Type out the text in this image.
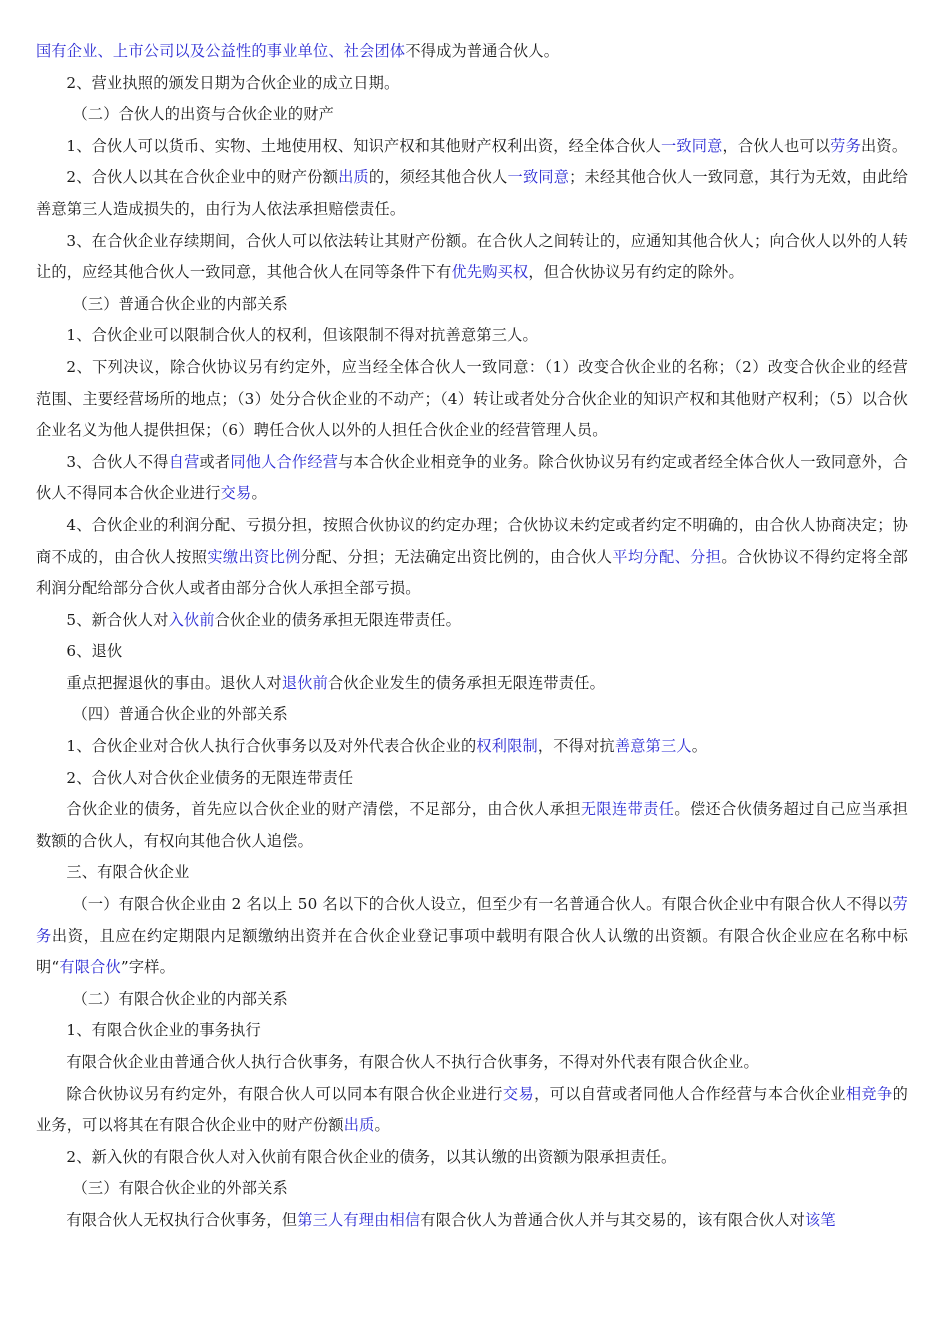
国有企业、上市公司以及公益性的事业单位、社会团体不得成为普通合伙人。

2、营业执照的颁发日期为合伙企业的成立日期。

（二）合伙人的出资与合伙企业的财产

1、合伙人可以货币、实物、土地使用权、知识产权和其他财产权利出资，经全体合伙人一致同意，合伙人也可以劳务出资。

2、合伙人以其在合伙企业中的财产份额出质的，须经其他合伙人一致同意；未经其他合伙人一致同意，其行为无效，由此给善意第三人造成损失的，由行为人依法承担赔偿责任。

3、在合伙企业存续期间，合伙人可以依法转让其财产份额。在合伙人之间转让的，应通知其他合伙人；向合伙人以外的人转让的，应经其他合伙人一致同意，其他合伙人在同等条件下有优先购买权，但合伙协议另有约定的除外。

（三）普通合伙企业的内部关系

1、合伙企业可以限制合伙人的权利，但该限制不得对抗善意第三人。

2、下列决议，除合伙协议另有约定外，应当经全体合伙人一致同意：（1）改变合伙企业的名称；（2）改变合伙企业的经营范围、主要经营场所的地点；（3）处分合伙企业的不动产；（4）转让或者处分合伙企业的知识产权和其他财产权利；（5）以合伙企业名义为他人提供担保；（6）聘任合伙人以外的人担任合伙企业的经营管理人员。

3、合伙人不得自营或者同他人合作经营与本合伙企业相竞争的业务。除合伙协议另有约定或者经全体合伙人一致同意外，合伙人不得同本合伙企业进行交易。

4、合伙企业的利润分配、亏损分担，按照合伙协议的约定办理；合伙协议未约定或者约定不明确的，由合伙人协商决定；协商不成的，由合伙人按照实缴出资比例分配、分担；无法确定出资比例的，由合伙人平均分配、分担。合伙协议不得约定将全部利润分配给部分合伙人或者由部分合伙人承担全部亏损。

5、新合伙人对入伙前合伙企业的债务承担无限连带责任。

6、退伙

重点把握退伙的事由。退伙人对退伙前合伙企业发生的债务承担无限连带责任。

（四）普通合伙企业的外部关系

1、合伙企业对合伙人执行合伙事务以及对外代表合伙企业的权利限制，不得对抗善意第三人。

2、合伙人对合伙企业债务的无限连带责任

合伙企业的债务，首先应以合伙企业的财产清偿，不足部分，由合伙人承担无限连带责任。偿还合伙债务超过自己应当承担数额的合伙人，有权向其他合伙人追偿。

三、有限合伙企业

（一）有限合伙企业由 2 名以上 50 名以下的合伙人设立，但至少有一名普通合伙人。有限合伙企业中有限合伙人不得以劳务出资，且应在约定期限内足额缴纳出资并在合伙企业登记事项中载明有限合伙人认缴的出资额。有限合伙企业应在名称中标明“有限合伙”字样。

（二）有限合伙企业的内部关系

1、有限合伙企业的事务执行

有限合伙企业由普通合伙人执行合伙事务，有限合伙人不执行合伙事务，不得对外代表有限合伙企业。

除合伙协议另有约定外，有限合伙人可以同本有限合伙企业进行交易，可以自营或者同他人合作经营与本合伙企业相竞争的业务，可以将其在有限合伙企业中的财产份额出质。

2、新入伙的有限合伙人对入伙前有限合伙企业的债务，以其认缴的出资额为限承担责任。

（三）有限合伙企业的外部关系

有限合伙人无权执行合伙事务，但第三人有理由相信有限合伙人为普通合伙人并与其交易的，该有限合伙人对该笔
